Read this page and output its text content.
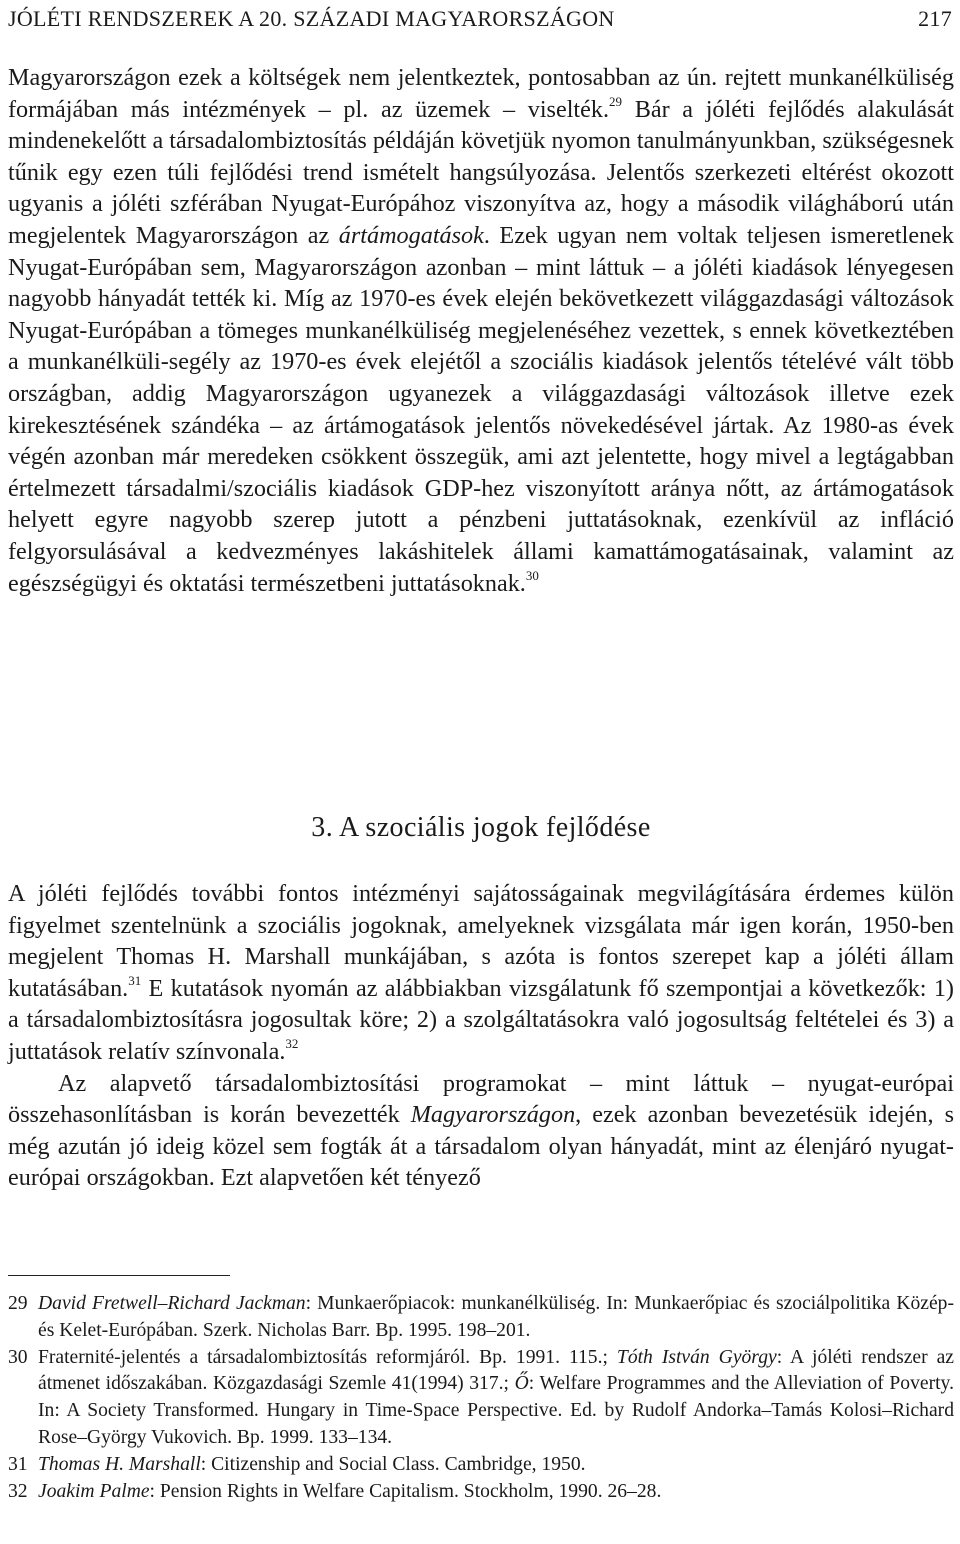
JÓLÉTI RENDSZEREK A 20. SZÁZADI MAGYARORSZÁGON	217

Magyarországon ezek a költségek nem jelentkeztek, pontosabban az ún. rejtett munkanélküliség formájában más intézmények – pl. az üzemek – viselték.$^{29}$ Bár a jóléti fejlődés alakulását mindenekelőtt a társadalombiztosítás példáján követjük nyomon tanulmányunkban, szükségesnek tűnik egy ezen túli fejlődési trend ismételt hangsúlyozása. Jelentős szerkezeti eltérést okozott ugyanis a jóléti szférában Nyugat-Európához viszonyítva az, hogy a második világháború után megjelentek Magyarországon az ártámogatások. Ezek ugyan nem voltak teljesen ismeretlenek Nyugat-Európában sem, Magyarországon azonban – mint láttuk – a jóléti kiadások lényegesen nagyobb hányadát tették ki. Míg az 1970-es évek elején bekövetkezett világgazdasági változások Nyugat-Európában a tömeges munkanélküliség megjelenéséhez vezettek, s ennek következtében a munkanélküli-segély az 1970-es évek elejétől a szociális kiadások jelentős tételévé vált több országban, addig Magyarországon ugyanezek a világgazdasági változások illetve ezek kirekesztésének szándéka – az ártámogatások jelentős növekedésével jártak. Az 1980-as évek végén azonban már meredeken csökkent összegük, ami azt jelentette, hogy mivel a legtágabban értelmezett társadalmi/szociális kiadások GDP-hez viszonyított aránya nőtt, az ártámogatások helyett egyre nagyobb szerep jutott a pénzbeni juttatásoknak, ezenkívül az infláció felgyorsulásával a kedvezményes lakáshitelek állami kamattámogatásainak, valamint az egészségügyi és oktatási természetbeni juttatásoknak.$^{30}$

3. A szociális jogok fejlődése

A jóléti fejlődés további fontos intézményi sajátosságainak megvilágítására érdemes külön figyelmet szentelnünk a szociális jogoknak, amelyeknek vizsgálata már igen korán, 1950-ben megjelent Thomas H. Marshall munkájában, s azóta is fontos szerepet kap a jóléti állam kutatásában.$^{31}$ E kutatások nyomán az alábbiakban vizsgálatunk fő szempontjai a következők: 1) a társadalombiztosításra jogosultak köre; 2) a szolgáltatásokra való jogosultság feltételei és 3) a juttatások relatív színvonala.$^{32}$

Az alapvető társadalombiztosítási programokat – mint láttuk – nyugat-európai összehasonlításban is korán bevezették Magyarországon, ezek azonban bevezetésük idején, s még azután jó ideig közel sem fogták át a társadalom olyan hányadát, mint az élenjáró nyugat-európai országokban. Ezt alapvetően két tényező

29 David Fretwell–Richard Jackman: Munkaerőpiacok: munkanélküliség. In: Munkaerőpiac és szociálpolitika Közép- és Kelet-Európában. Szerk. Nicholas Barr. Bp. 1995. 198–201.
30 Fraternité-jelentés a társadalombiztosítás reformjáról. Bp. 1991. 115.; Tóth István György: A jóléti rendszer az átmenet időszakában. Közgazdasági Szemle 41(1994) 317.; Ő: Welfare Programmes and the Alleviation of Poverty. In: A Society Transformed. Hungary in Time-Space Perspective. Ed. by Rudolf Andorka–Tamás Kolosi–Richard Rose–György Vukovich. Bp. 1999. 133–134.
31 Thomas H. Marshall: Citizenship and Social Class. Cambridge, 1950.
32 Joakim Palme: Pension Rights in Welfare Capitalism. Stockholm, 1990. 26–28.
